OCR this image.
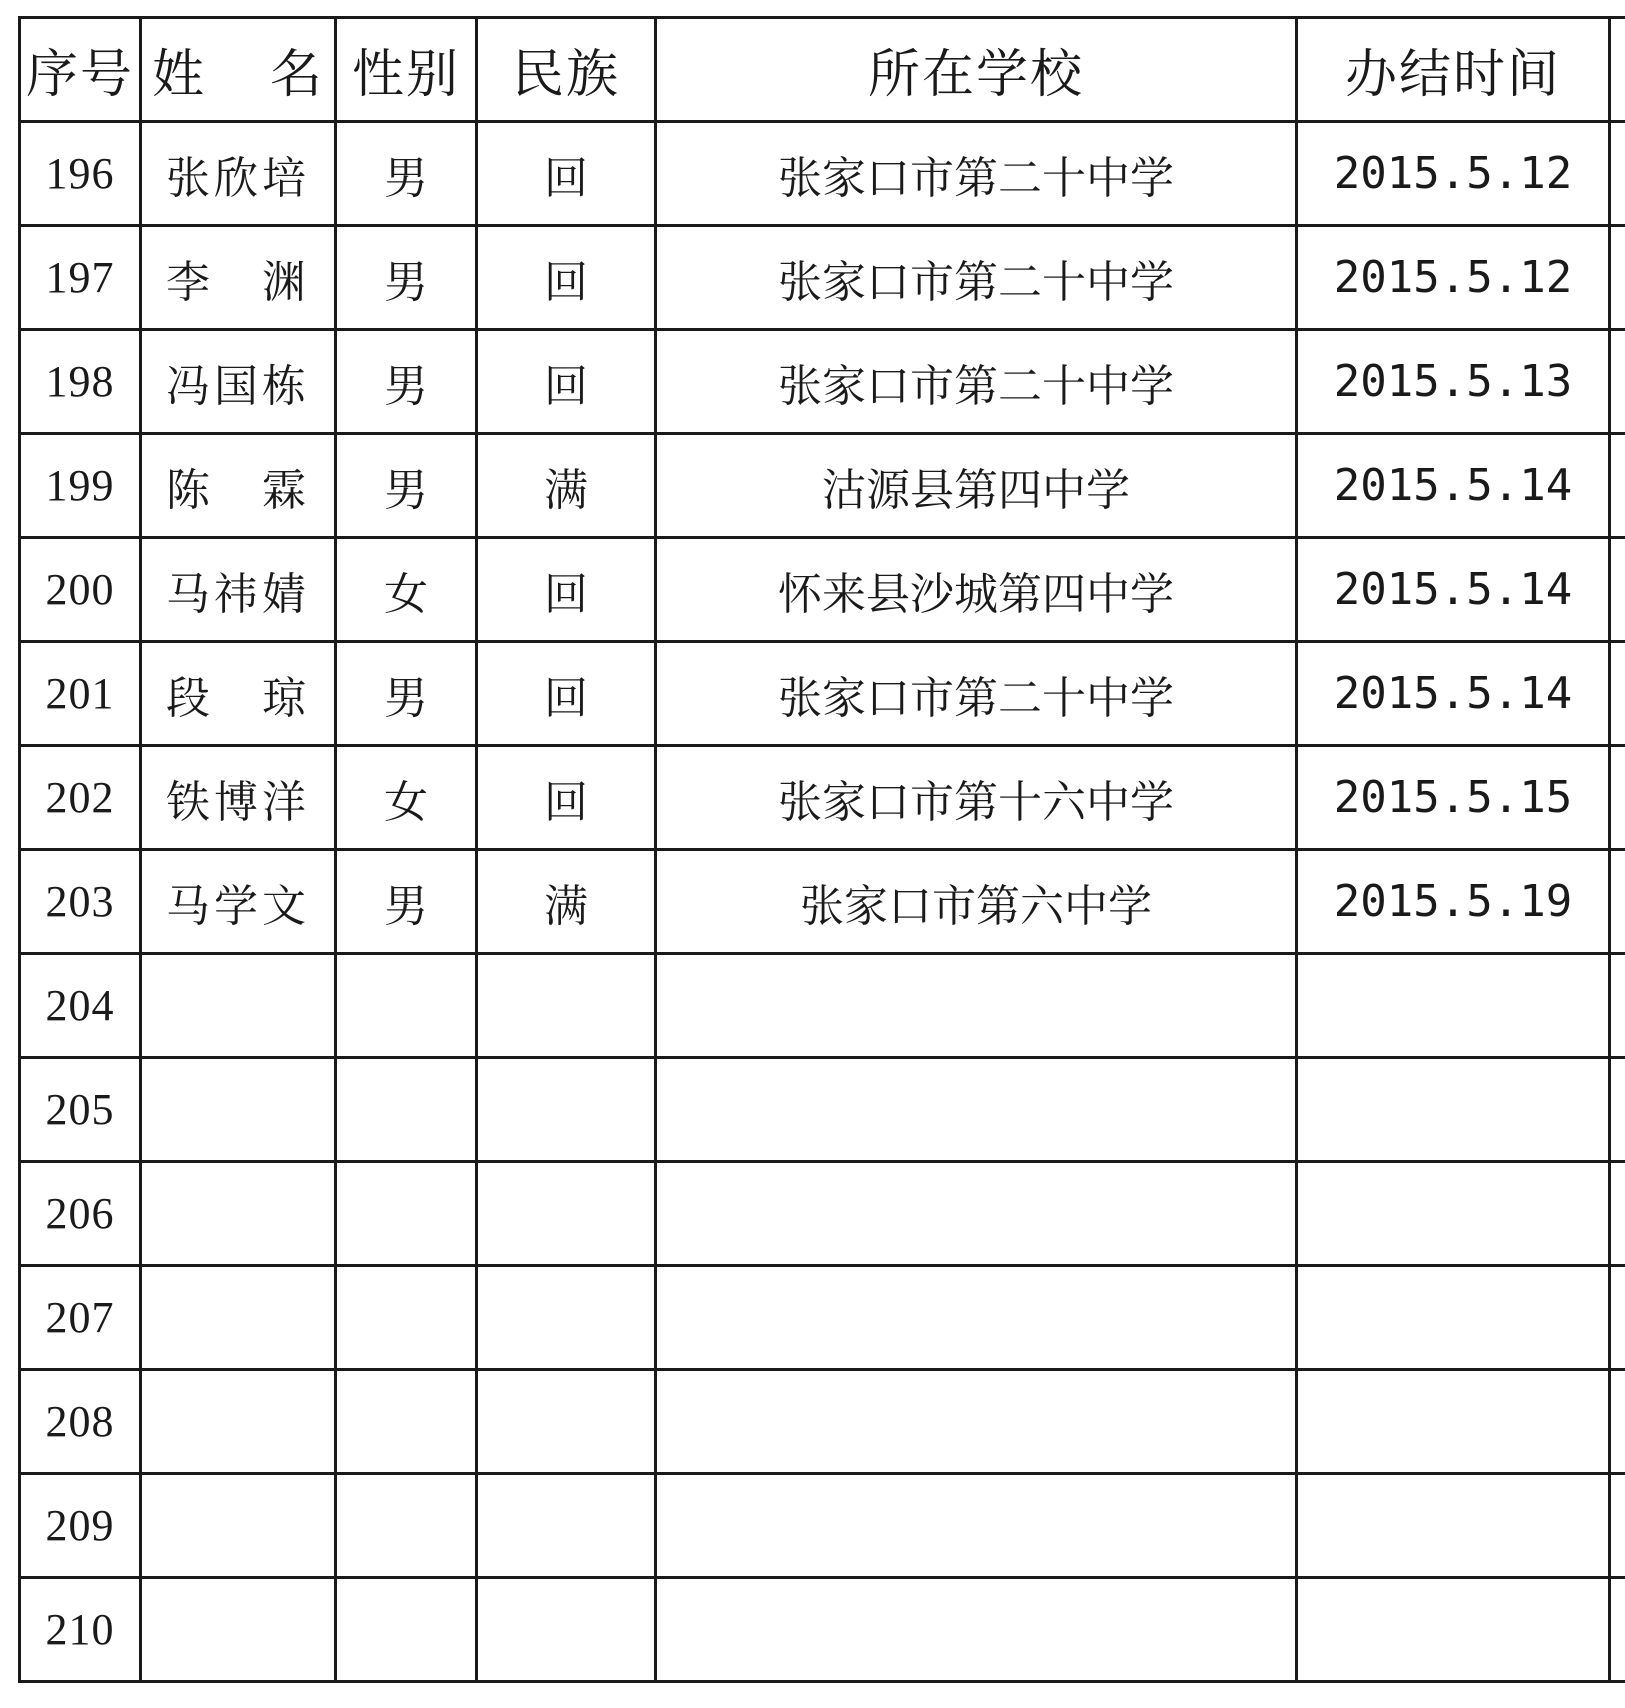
序号	姓 名	性别	民族	所在学校	办结时间	
196	张欣培	男	回	张家口市第二十中学	2015.5.12	
197	李　渊	男	回	张家口市第二十中学	2015.5.12	
198	冯国栋	男	回	张家口市第二十中学	2015.5.13	
199	陈　霖	男	满	沽源县第四中学	2015.5.14	
200	马祎婧	女	回	怀来县沙城第四中学	2015.5.14	
201	段　琼	男	回	张家口市第二十中学	2015.5.14	
202	铁博洋	女	回	张家口市第十六中学	2015.5.15	
203	马学文	男	满	张家口市第六中学	2015.5.19	
204						
205						
206						
207						
208						
209						
210						
